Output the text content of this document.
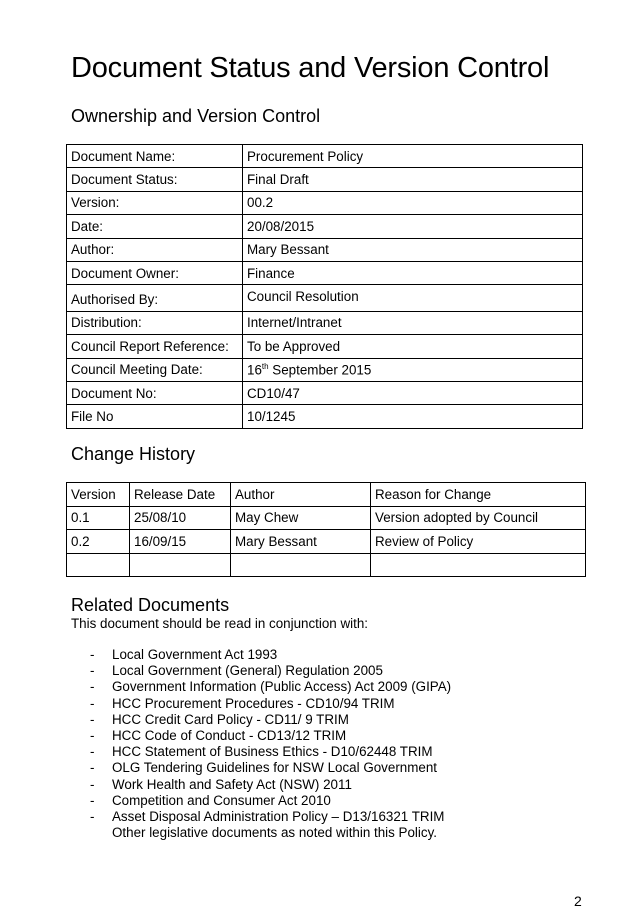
Document Status and Version Control
Ownership and Version Control
Document Name:	Procurement Policy
Document Status:	Final Draft
Version:	00.2
Date:	20/08/2015
Author:	Mary Bessant
Document Owner:	Finance
Authorised By:	Council Resolution
Distribution:	Internet/Intranet
Council Report Reference:	To be Approved
Council Meeting Date:	16th September 2015
Document No:	CD10/47
File No	10/1245
Change History
Version	Release Date	Author	Reason for Change
0.1	25/08/10	May Chew	Version adopted by Council
0.2	16/09/15	Mary Bessant	Review of Policy

Related Documents

This document should be read in conjunction with:

- Local Government Act 1993
- Local Government (General) Regulation 2005
- Government Information (Public Access) Act 2009 (GIPA)
- HCC Procurement Procedures - CD10/94 TRIM
- HCC Credit Card Policy - CD11/ 9 TRIM
- HCC Code of Conduct - CD13/12 TRIM
- HCC Statement of Business Ethics - D10/62448 TRIM
- OLG Tendering Guidelines for NSW Local Government
- Work Health and Safety Act (NSW) 2011
- Competition and Consumer Act 2010
- Asset Disposal Administration Policy – D13/16321 TRIM

Other legislative documents as noted within this Policy.

2
